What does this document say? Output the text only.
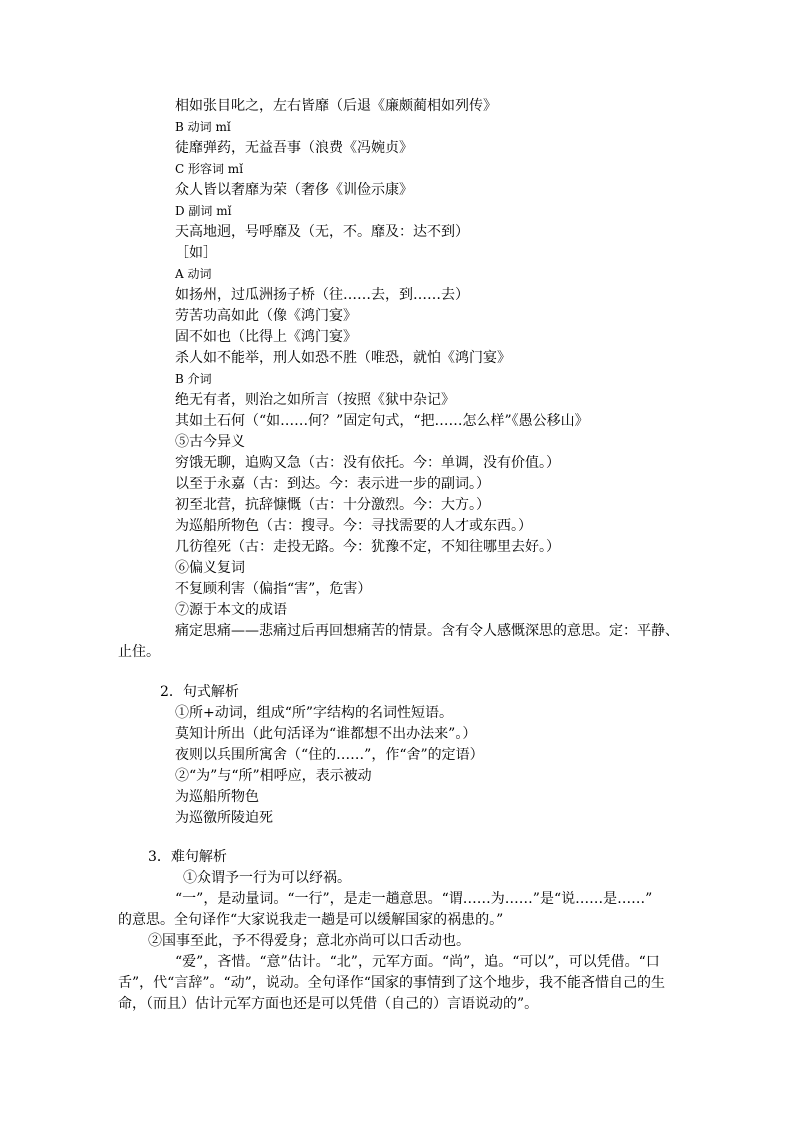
相如张目叱之，左右皆靡（后退《廉颇蔺相如列传》
B 动词 mǐ
徒靡弹药，无益吾事（浪费《冯婉贞》
C 形容词 mǐ
众人皆以奢靡为荣（奢侈《训俭示康》
D 副词 mǐ
天高地迥，号呼靡及（无，不。靡及：达不到）
［如］
A 动词
如扬州，过瓜洲扬子桥（往……去，到……去）
劳苦功高如此（像《鸿门宴》
固不如也（比得上《鸿门宴》
杀人如不能举，刑人如恐不胜（唯恐，就怕《鸿门宴》
B 介词
绝无有者，则治之如所言（按照《狱中杂记》
其如土石何（“如……何？”固定句式，“把……怎么样”《愚公移山》
⑤古今异义
穷饿无聊，追购又急（古：没有依托。今：单调，没有价值。）
以至于永嘉（古：到达。今：表示进一步的副词。）
初至北营，抗辞慷慨（古：十分激烈。今：大方。）
为巡船所物色（古：搜寻。今：寻找需要的人才或东西。）
几彷徨死（古：走投无路。今：犹豫不定，不知往哪里去好。）
⑥偏义复词
不复顾利害（偏指“害”，危害）
⑦源于本文的成语
痛定思痛——悲痛过后再回想痛苦的情景。含有令人感慨深思的意思。定：平静、
止住。
2．句式解析
①所+动词，组成“所”字结构的名词性短语。
莫知计所出（此句活译为“谁都想不出办法来”。）
夜则以兵围所寓舍（“住的……”，作“舍”的定语）
②“为”与“所”相呼应，表示被动
为巡船所物色
为巡徼所陵迫死
3．难句解析
①众谓予一行为可以纾祸。
“一”，是动量词。“一行”，是走一趟意思。“谓……为……”是“说……是……”
的意思。全句译作“大家说我走一趟是可以缓解国家的祸患的。”
②国事至此，予不得爱身；意北亦尚可以口舌动也。
“爱”，吝惜。“意”估计。“北”，元军方面。“尚”，追。“可以”，可以凭借。“口
舌”，代“言辞”。“动”，说动。全句译作“国家的事情到了这个地步，我不能吝惜自己的生
命，（而且）估计元军方面也还是可以凭借（自己的）言语说动的”。
